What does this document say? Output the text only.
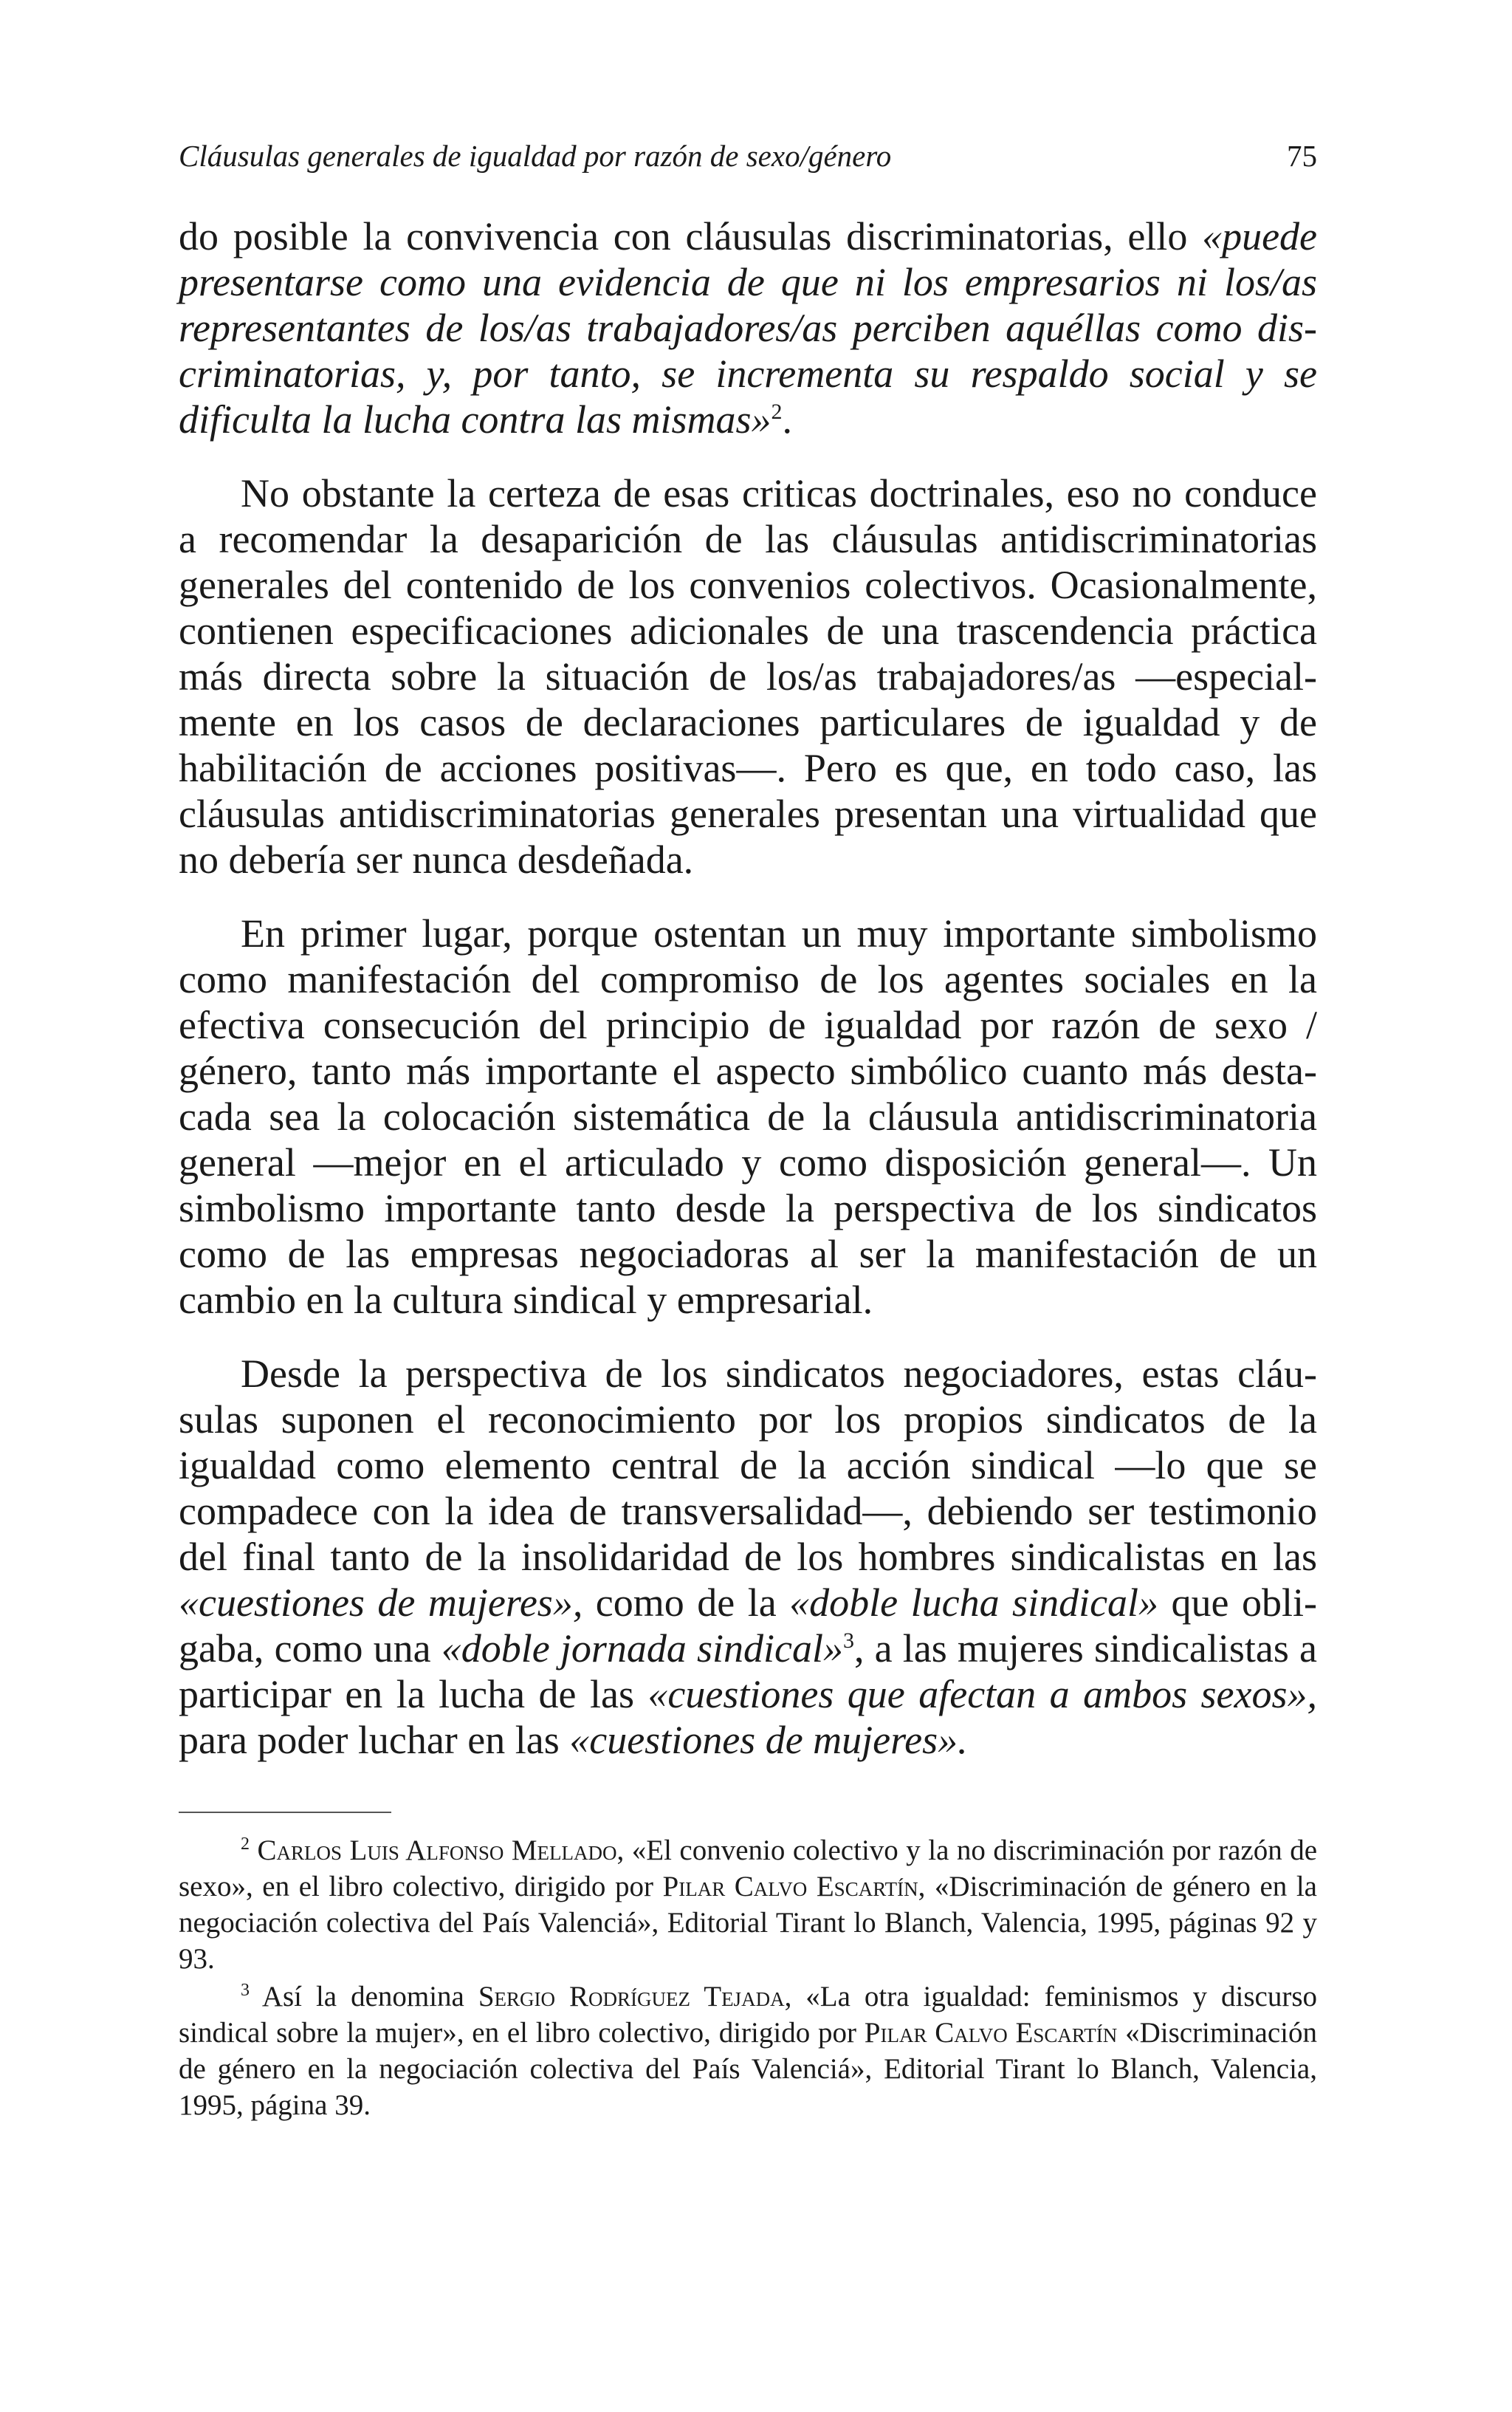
Cláusulas generales de igualdad por razón de sexo/género	75

do posible la convivencia con cláusulas discriminatorias, ello «puede presentarse como una evidencia de que ni los empresarios ni los/as representantes de los/as trabajadores/as perciben aquéllas como discriminatorias, y, por tanto, se incrementa su respaldo social y se dificulta la lucha contra las mismas»$^2$.

No obstante la certeza de esas criticas doctrinales, eso no conduce a recomendar la desaparición de las cláusulas antidiscriminatorias generales del contenido de los convenios colectivos. Ocasionalmente, contienen especificaciones adicionales de una trascendencia práctica más directa sobre la situación de los/as trabajadores/as —especialmente en los casos de declaraciones particulares de igualdad y de habilitación de acciones positivas—. Pero es que, en todo caso, las cláusulas antidiscriminatorias generales presentan una virtualidad que no debería ser nunca desdeñada.

En primer lugar, porque ostentan un muy importante simbolismo como manifestación del compromiso de los agentes sociales en la efectiva consecución del principio de igualdad por razón de sexo / género, tanto más importante el aspecto simbólico cuanto más destacada sea la colocación sistemática de la cláusula antidiscriminatoria general —mejor en el articulado y como disposición general—. Un simbolismo importante tanto desde la perspectiva de los sindicatos como de las empresas negociadoras al ser la manifestación de un cambio en la cultura sindical y empresarial.

Desde la perspectiva de los sindicatos negociadores, estas cláusulas suponen el reconocimiento por los propios sindicatos de la igualdad como elemento central de la acción sindical —lo que se compadece con la idea de transversalidad—, debiendo ser testimonio del final tanto de la insolidaridad de los hombres sindicalistas en las «cuestiones de mujeres», como de la «doble lucha sindical» que obligaba, como una «doble jornada sindical»$^3$, a las mujeres sindicalistas a participar en la lucha de las «cuestiones que afectan a ambos sexos», para poder luchar en las «cuestiones de mujeres».

$^2$ Carlos Luis Alfonso Mellado, «El convenio colectivo y la no discriminación por razón de sexo», en el libro colectivo, dirigido por Pilar Calvo Escartín, «Discriminación de género en la negociación colectiva del País Valenciá», Editorial Tirant lo Blanch, Valencia, 1995, páginas 92 y 93.

$^3$ Así la denomina Sergio Rodríguez Tejada, «La otra igualdad: feminismos y discurso sindical sobre la mujer», en el libro colectivo, dirigido por Pilar Calvo Escartín «Discriminación de género en la negociación colectiva del País Valenciá», Editorial Tirant lo Blanch, Valencia, 1995, página 39.
